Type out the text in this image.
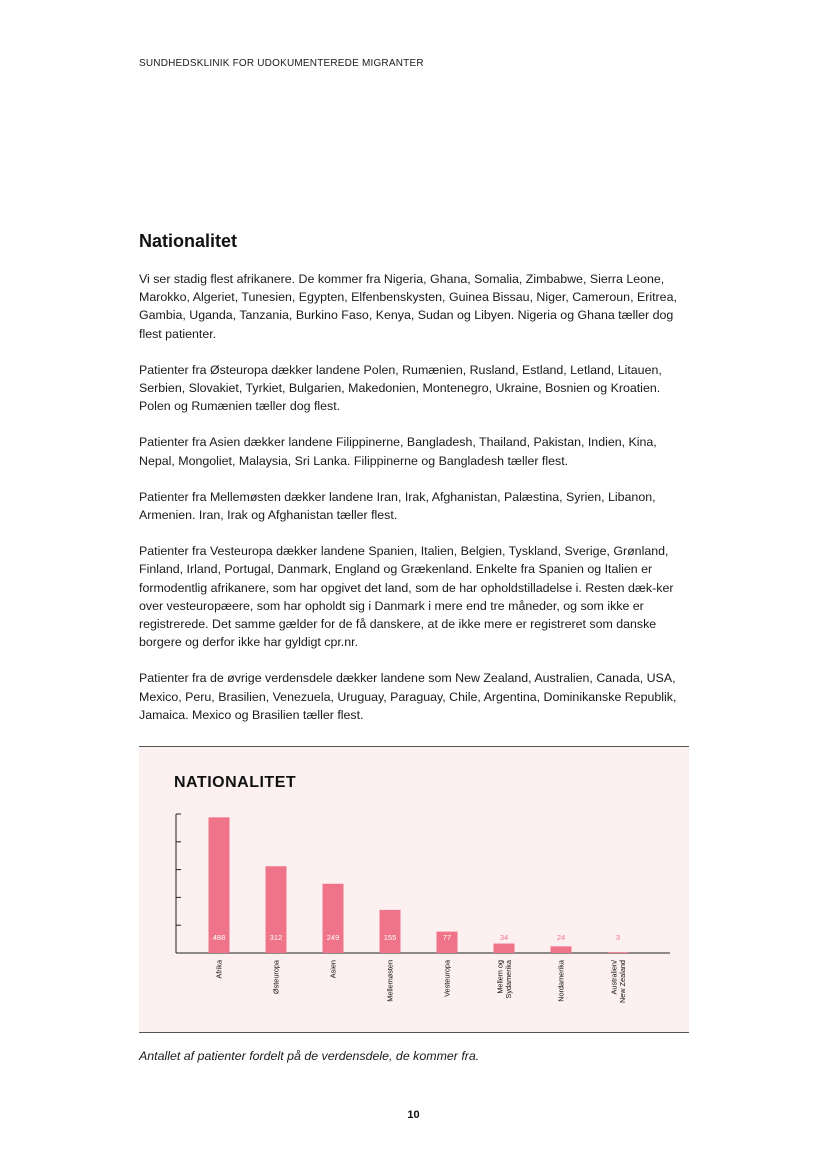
SUNDHEDSKLINIK FOR UDOKUMENTEREDE MIGRANTER
Nationalitet

Vi ser stadig flest afrikanere. De kommer fra Nigeria, Ghana, Somalia, Zimbabwe, Sierra Leone, Marokko, Algeriet, Tunesien, Egypten, Elfenbenskysten, Guinea Bissau, Niger, Cameroun, Eritrea, Gambia, Uganda, Tanzania, Burkino Faso, Kenya, Sudan og Libyen. Nigeria og Ghana tæller dog flest patienter.

Patienter fra Østeuropa dækker landene Polen, Rumænien, Rusland, Estland, Letland, Litauen, Serbien, Slovakiet, Tyrkiet, Bulgarien, Makedonien, Montenegro, Ukraine, Bosnien og Kroatien. Polen og Rumænien tæller dog flest.

Patienter fra Asien dækker landene Filippinerne, Bangladesh, Thailand, Pakistan, Indien, Kina, Nepal, Mongoliet, Malaysia, Sri Lanka. Filippinerne og Bangladesh tæller flest.

Patienter fra Mellemøsten dækker landene Iran, Irak, Afghanistan, Palæstina, Syrien, Libanon, Armenien. Iran, Irak og Afghanistan tæller flest.

Patienter fra Vesteuropa dækker landene Spanien, Italien, Belgien, Tyskland, Sverige, Grønland, Finland, Irland, Portugal, Danmark, England og Grækenland. Enkelte fra Spanien og Italien er formodentlig afrikanere, som har opgivet det land, som de har opholdstilladelse i. Resten dæk-ker over vesteuropæere, som har opholdt sig i Danmark i mere end tre måneder, og som ikke er registrerede. Det samme gælder for de få danskere, at de ikke mere er registreret som danske borgere og derfor ikke har gyldigt cpr.nr.

Patienter fra de øvrige verdensdele dækker landene som New Zealand, Australien, Canada, USA, Mexico, Peru, Brasilien, Venezuela, Uruguay, Paraguay, Chile, Argentina, Dominikanske Republik, Jamaica. Mexico og Brasilien tæller flest.

NATIONALITET
488
Afrika
312
Østeuropa
249
Asien
155
Mellemøsten
77
Vesteuropa
34
Mellem ogSydamerika
24
Nordamerika
3
Australien/New Zealand
Antallet af patienter fordelt på de verdensdele, de kommer fra.
10
